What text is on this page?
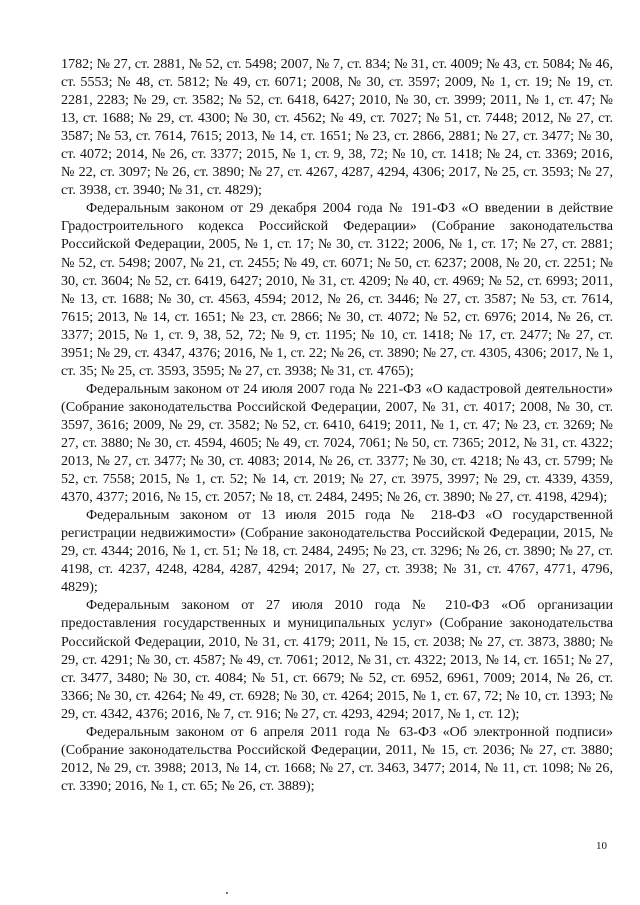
1782; № 27, ст. 2881, № 52, ст. 5498; 2007, № 7, ст. 834; № 31, ст. 4009; № 43, ст. 5084; № 46, ст. 5553; № 48, ст. 5812; № 49, ст. 6071; 2008, № 30, ст. 3597; 2009, № 1, ст. 19; № 19, ст. 2281, 2283; № 29, ст. 3582; № 52, ст. 6418, 6427; 2010, № 30, ст. 3999; 2011, № 1, ст. 47; № 13, ст. 1688; № 29, ст. 4300; № 30, ст. 4562; № 49, ст. 7027; № 51, ст. 7448; 2012, № 27, ст. 3587; № 53, ст. 7614, 7615; 2013, № 14, ст. 1651; № 23, ст. 2866, 2881; № 27, ст. 3477; № 30, ст. 4072; 2014, № 26, ст. 3377; 2015, № 1, ст. 9, 38, 72; № 10, ст. 1418; № 24, ст. 3369; 2016, № 22, ст. 3097; № 26, ст. 3890; № 27, ст. 4267, 4287, 4294, 4306; 2017, № 25, ст. 3593; № 27, ст. 3938, ст. 3940; № 31, ст. 4829);

Федеральным законом от 29 декабря 2004 года № 191-ФЗ «О введении в действие Градостроительного кодекса Российской Федерации» (Собрание законодательства Российской Федерации, 2005, № 1, ст. 17; № 30, ст. 3122; 2006, № 1, ст. 17; № 27, ст. 2881; № 52, ст. 5498; 2007, № 21, ст. 2455; № 49, ст. 6071; № 50, ст. 6237; 2008, № 20, ст. 2251; № 30, ст. 3604; № 52, ст. 6419, 6427; 2010, № 31, ст. 4209; № 40, ст. 4969; № 52, ст. 6993; 2011, № 13, ст. 1688; № 30, ст. 4563, 4594; 2012, № 26, ст. 3446; № 27, ст. 3587; № 53, ст. 7614, 7615; 2013, № 14, ст. 1651; № 23, ст. 2866; № 30, ст. 4072; № 52, ст. 6976; 2014, № 26, ст. 3377; 2015, № 1, ст. 9, 38, 52, 72; № 9, ст. 1195; № 10, ст. 1418; № 17, ст. 2477; № 27, ст. 3951; № 29, ст. 4347, 4376; 2016, № 1, ст. 22; № 26, ст. 3890; № 27, ст. 4305, 4306; 2017, № 1, ст. 35; № 25, ст. 3593, 3595; № 27, ст. 3938; № 31, ст. 4765);

Федеральным законом от 24 июля 2007 года № 221-ФЗ «О кадастровой деятельности» (Собрание законодательства Российской Федерации, 2007, № 31, ст. 4017; 2008, № 30, ст. 3597, 3616; 2009, № 29, ст. 3582; № 52, ст. 6410, 6419; 2011, № 1, ст. 47; № 23, ст. 3269; № 27, ст. 3880; № 30, ст. 4594, 4605; № 49, ст. 7024, 7061; № 50, ст. 7365; 2012, № 31, ст. 4322; 2013, № 27, ст. 3477; № 30, ст. 4083; 2014, № 26, ст. 3377; № 30, ст. 4218; № 43, ст. 5799; № 52, ст. 7558; 2015, № 1, ст. 52; № 14, ст. 2019; № 27, ст. 3975, 3997; № 29, ст. 4339, 4359, 4370, 4377; 2016, № 15, ст. 2057; № 18, ст. 2484, 2495; № 26, ст. 3890; № 27, ст. 4198, 4294);

Федеральным законом от 13 июля 2015 года № 218-ФЗ «О государственной регистрации недвижимости» (Собрание законодательства Российской Федерации, 2015, № 29, ст. 4344; 2016, № 1, ст. 51; № 18, ст. 2484, 2495; № 23, ст. 3296; № 26, ст. 3890; № 27, ст. 4198, ст. 4237, 4248, 4284, 4287, 4294; 2017, № 27, ст. 3938; № 31, ст. 4767, 4771, 4796, 4829);

Федеральным законом от 27 июля 2010 года № 210-ФЗ «Об организации предоставления государственных и муниципальных услуг» (Собрание законодательства Российской Федерации, 2010, № 31, ст. 4179; 2011, № 15, ст. 2038; № 27, ст. 3873, 3880; № 29, ст. 4291; № 30, ст. 4587; № 49, ст. 7061; 2012, № 31, ст. 4322; 2013, № 14, ст. 1651; № 27, ст. 3477, 3480; № 30, ст. 4084; № 51, ст. 6679; № 52, ст. 6952, 6961, 7009; 2014, № 26, ст. 3366; № 30, ст. 4264; № 49, ст. 6928; № 30, ст. 4264; 2015, № 1, ст. 67, 72; № 10, ст. 1393; № 29, ст. 4342, 4376; 2016, № 7, ст. 916; № 27, ст. 4293, 4294; 2017, № 1, ст. 12);

Федеральным законом от 6 апреля 2011 года № 63-ФЗ «Об электронной подписи» (Собрание законодательства Российской Федерации, 2011, № 15, ст. 2036; № 27, ст. 3880; 2012, № 29, ст. 3988; 2013, № 14, ст. 1668; № 27, ст. 3463, 3477; 2014, № 11, ст. 1098; № 26, ст. 3390; 2016, № 1, ст. 65; № 26, ст. 3889);

10
